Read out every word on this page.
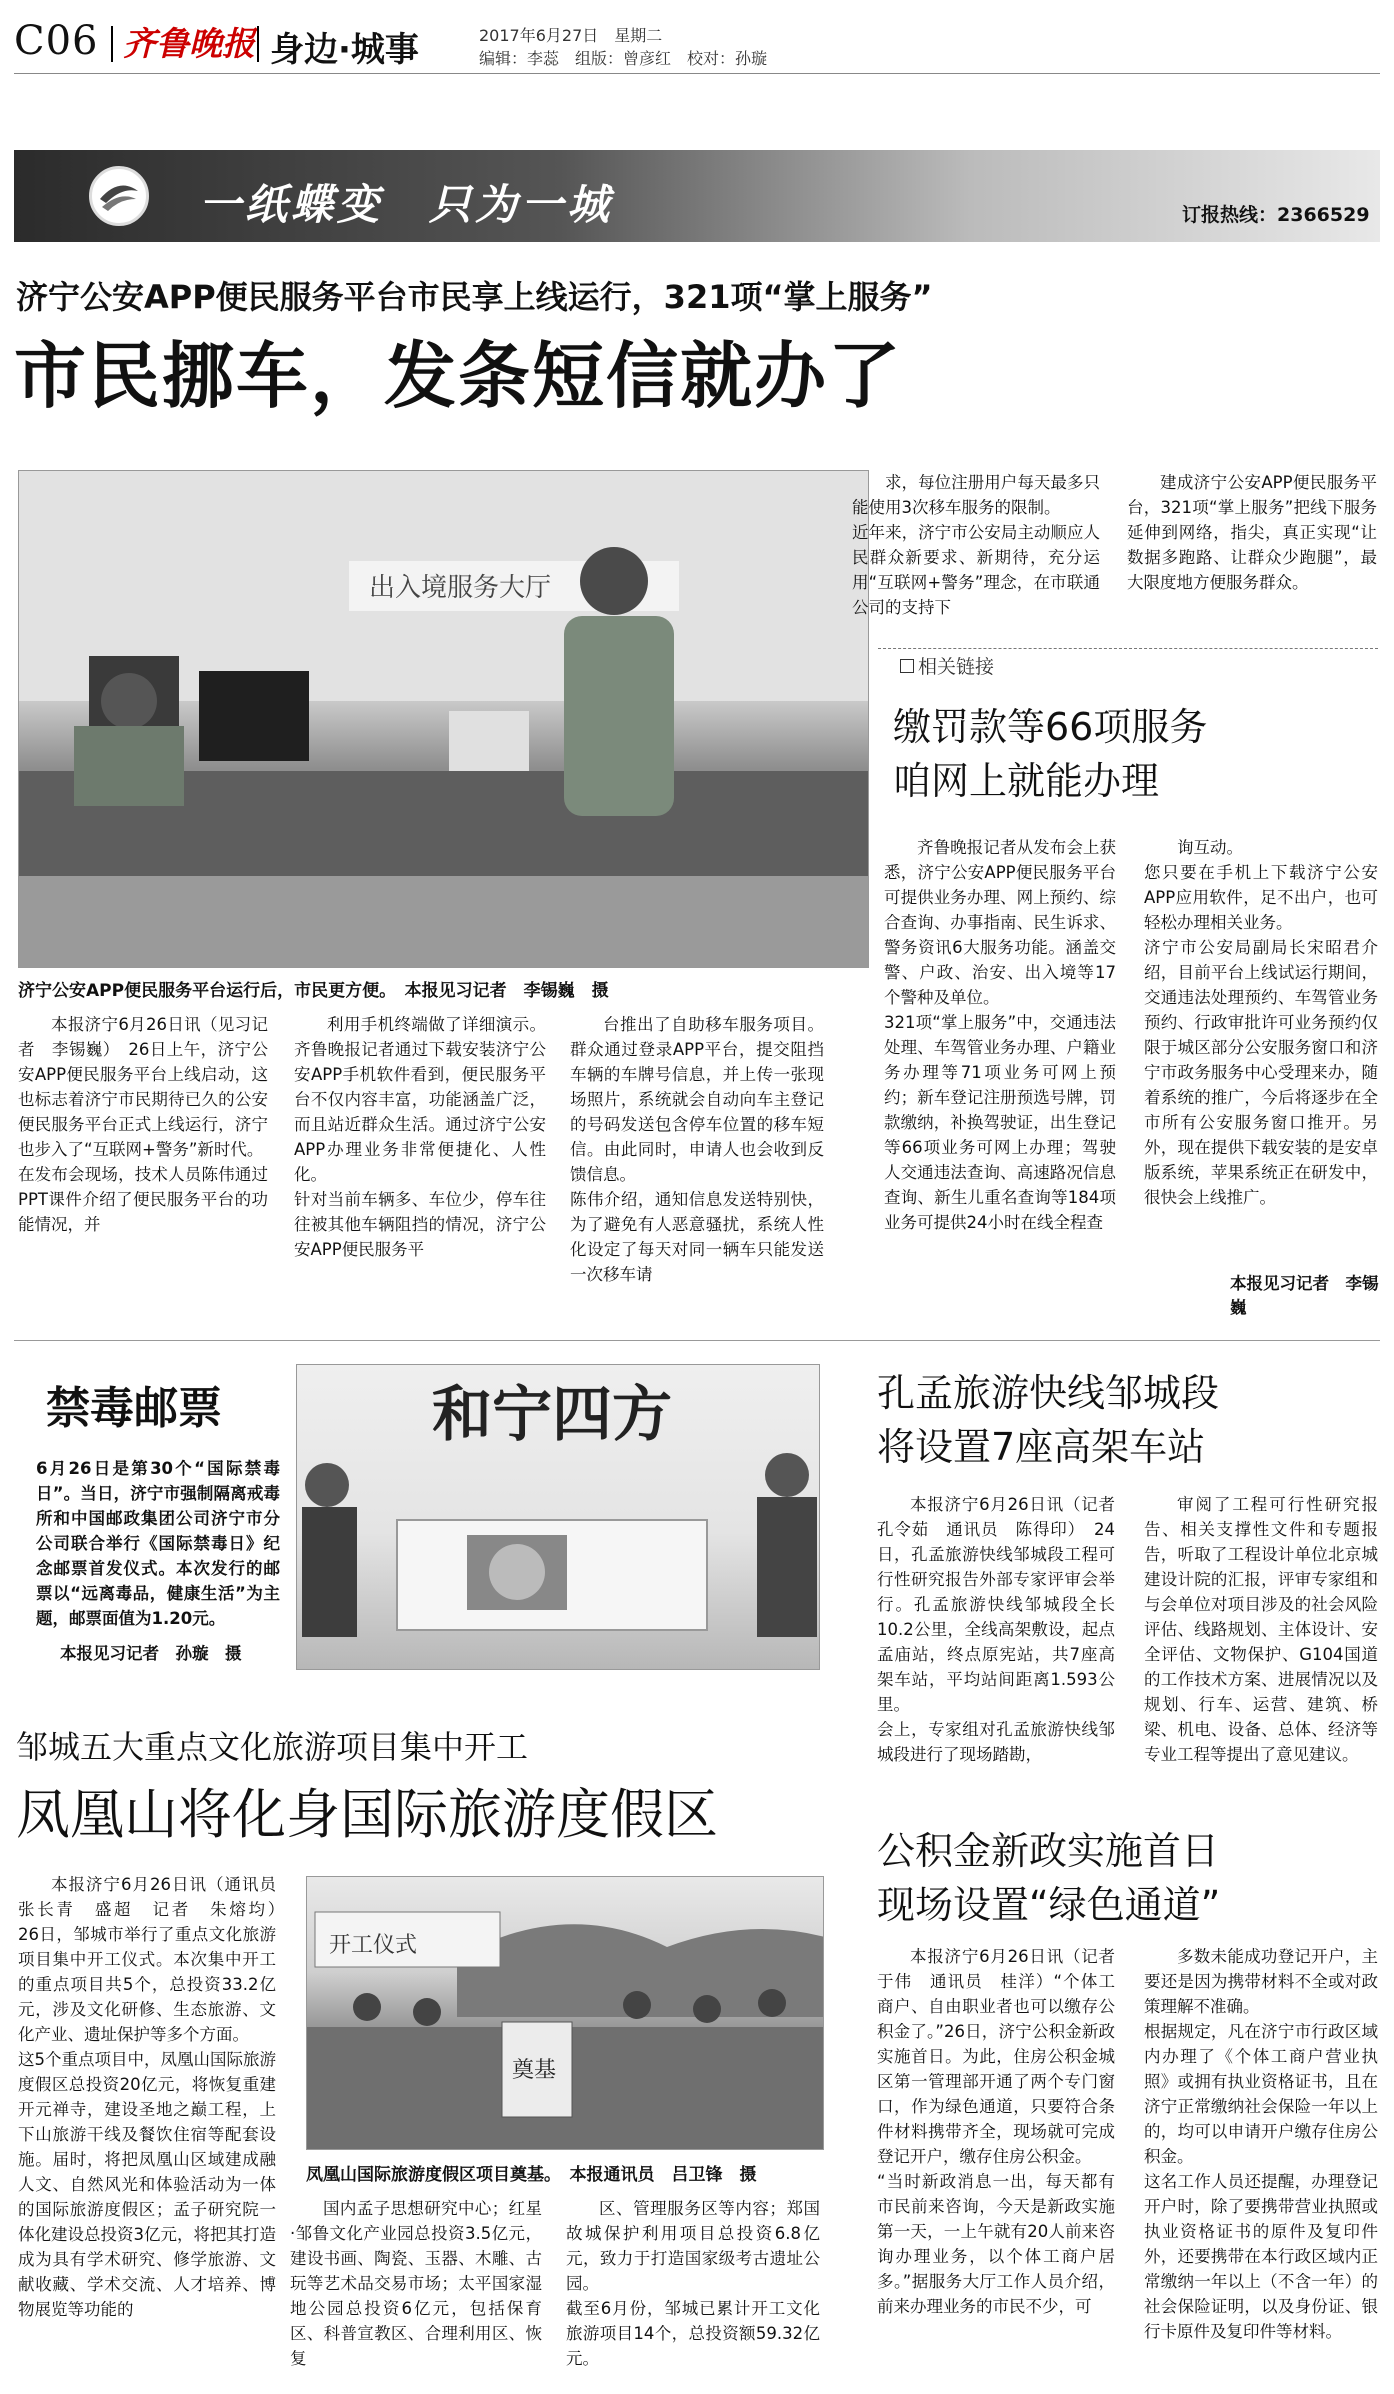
C06 齐鲁晚报 身边·城事	2017年6月27日　星期二
编辑：李蕊　组版：曾彦红　校对：孙璇
一纸蝶变　只为一城	订报热线：2366529
济宁公安APP便民服务平台市民享上线运行，321项“掌上服务”
市民挪车，发条短信就办了
出入境服务大厅
济宁公安APP便民服务平台运行后，市民更方便。　本报见习记者　李锡巍　摄
本报济宁6月26日讯（见习记者　李锡巍）　26日上午，济宁公安APP便民服务平台上线启动，这也标志着济宁市民期待已久的公安便民服务平台正式上线运行，济宁也步入了“互联网+警务”新时代。
在发布会现场，技术人员陈伟通过PPT课件介绍了便民服务平台的功能情况，并
利用手机终端做了详细演示。齐鲁晚报记者通过下载安装济宁公安APP手机软件看到，便民服务平台不仅内容丰富，功能涵盖广泛，而且站近群众生活。通过济宁公安APP办理业务非常便捷化、人性化。
针对当前车辆多、车位少，停车往往被其他车辆阻挡的情况，济宁公安APP便民服务平
台推出了自助移车服务项目。群众通过登录APP平台，提交阻挡车辆的车牌号信息，并上传一张现场照片，系统就会自动向车主登记的号码发送包含停车位置的移车短信。由此同时，申请人也会收到反馈信息。
陈伟介绍，通知信息发送特别快，为了避免有人恶意骚扰，系统人性化设定了每天对同一辆车只能发送一次移车请
求，每位注册用户每天最多只能使用3次移车服务的限制。
近年来，济宁市公安局主动顺应人民群众新要求、新期待，充分运用“互联网+警务”理念，在市联通公司的支持下
建成济宁公安APP便民服务平台，321项“掌上服务”把线下服务延伸到网络，指尖，真正实现“让数据多跑路、让群众少跑腿”，最大限度地方便服务群众。
相关链接
缴罚款等66项服务
咱网上就能办理
齐鲁晚报记者从发布会上获悉，济宁公安APP便民服务平台可提供业务办理、网上预约、综合查询、办事指南、民生诉求、警务资讯6大服务功能。涵盖交警、户政、治安、出入境等17个警种及单位。
321项“掌上服务”中，交通违法处理、车驾管业务办理、户籍业务办理等71项业务可网上预约；新车登记注册预选号牌，罚款缴纳，补换驾驶证，出生登记等66项业务可网上办理；驾驶人交通违法查询、高速路况信息查询、新生儿重名查询等184项业务可提供24小时在线全程查
询互动。
您只要在手机上下载济宁公安APP应用软件，足不出户，也可轻松办理相关业务。
济宁市公安局副局长宋昭君介绍，目前平台上线试运行期间，交通违法处理预约、车驾管业务预约、行政审批许可业务预约仅限于城区部分公安服务窗口和济宁市政务服务中心受理来办，随着系统的推广，今后将逐步在全市所有公安服务窗口推开。另外，现在提供下载安装的是安卓版系统，苹果系统正在研发中，很快会上线推广。
本报见习记者　李锡巍
禁毒邮票
6月26日是第30个“国际禁毒日”。当日，济宁市强制隔离戒毒所和中国邮政集团公司济宁市分公司联合举行《国际禁毒日》纪念邮票首发仪式。本次发行的邮票以“远离毒品，健康生活”为主题，邮票面值为1.20元。
本报见习记者　孙璇　摄
和宁四方	孔孟旅游快线邹城段
将设置7座高架车站
本报济宁6月26日讯（记者　孔令茹　通讯员　陈得印）　24日，孔孟旅游快线邹城段工程可行性研究报告外部专家评审会举行。孔孟旅游快线邹城段全长10.2公里，全线高架敷设，起点孟庙站，终点原宪站，共7座高架车站，平均站间距离1.593公里。
会上，专家组对孔孟旅游快线邹城段进行了现场踏勘，
审阅了工程可行性研究报告、相关支撑性文件和专题报告，听取了工程设计单位北京城建设计院的汇报，评审专家组和与会单位对项目涉及的社会风险评估、线路规划、主体设计、安全评估、文物保护、G104国道的工作技术方案、进展情况以及规划、行车、运营、建筑、桥梁、机电、设备、总体、经济等专业工程等提出了意见建议。
邹城五大重点文化旅游项目集中开工
凤凰山将化身国际旅游度假区
本报济宁6月26日讯（通讯员　张长青　盛超　记者　朱熔均）　26日，邹城市举行了重点文化旅游项目集中开工仪式。本次集中开工的重点项目共5个，总投资33.2亿元，涉及文化研修、生态旅游、文化产业、遗址保护等多个方面。
这5个重点项目中，凤凰山国际旅游度假区总投资20亿元，将恢复重建开元禅寺，建设圣地之巅工程，上下山旅游干线及餐饮住宿等配套设施。届时，将把凤凰山区域建成融人文、自然风光和体验活动为一体的国际旅游度假区；孟子研究院一体化建设总投资3亿元，将把其打造成为具有学术研究、修学旅游、文献收藏、学术交流、人才培养、博物展览等功能的
开工仪式
奠基
凤凰山国际旅游度假区项目奠基。　本报通讯员　吕卫锋　摄
国内孟子思想研究中心；红星·邹鲁文化产业园总投资3.5亿元，建设书画、陶瓷、玉器、木雕、古玩等艺术品交易市场；太平国家湿地公园总投资6亿元，包括保育区、科普宣教区、合理利用区、恢复
区、管理服务区等内容；郑国故城保护利用项目总投资6.8亿元，致力于打造国家级考古遗址公园。
截至6月份，邹城已累计开工文化旅游项目14个，总投资额59.32亿元。
公积金新政实施首日
现场设置“绿色通道”
本报济宁6月26日讯（记者　于伟　通讯员　桂洋）“个体工商户、自由职业者也可以缴存公积金了。”26日，济宁公积金新政实施首日。为此，住房公积金城区第一管理部开通了两个专门窗口，作为绿色通道，只要符合条件材料携带齐全，现场就可完成登记开户，缴存住房公积金。
“当时新政消息一出，每天都有市民前来咨询，今天是新政实施第一天，一上午就有20人前来咨询办理业务，以个体工商户居多。”据服务大厅工作人员介绍，前来办理业务的市民不少，可
多数未能成功登记开户，主要还是因为携带材料不全或对政策理解不准确。
根据规定，凡在济宁市行政区域内办理了《个体工商户营业执照》或拥有执业资格证书，且在济宁正常缴纳社会保险一年以上的，均可以申请开户缴存住房公积金。
这名工作人员还提醒，办理登记开户时，除了要携带营业执照或执业资格证书的原件及复印件外，还要携带在本行政区域内正常缴纳一年以上（不含一年）的社会保险证明，以及身份证、银行卡原件及复印件等材料。
